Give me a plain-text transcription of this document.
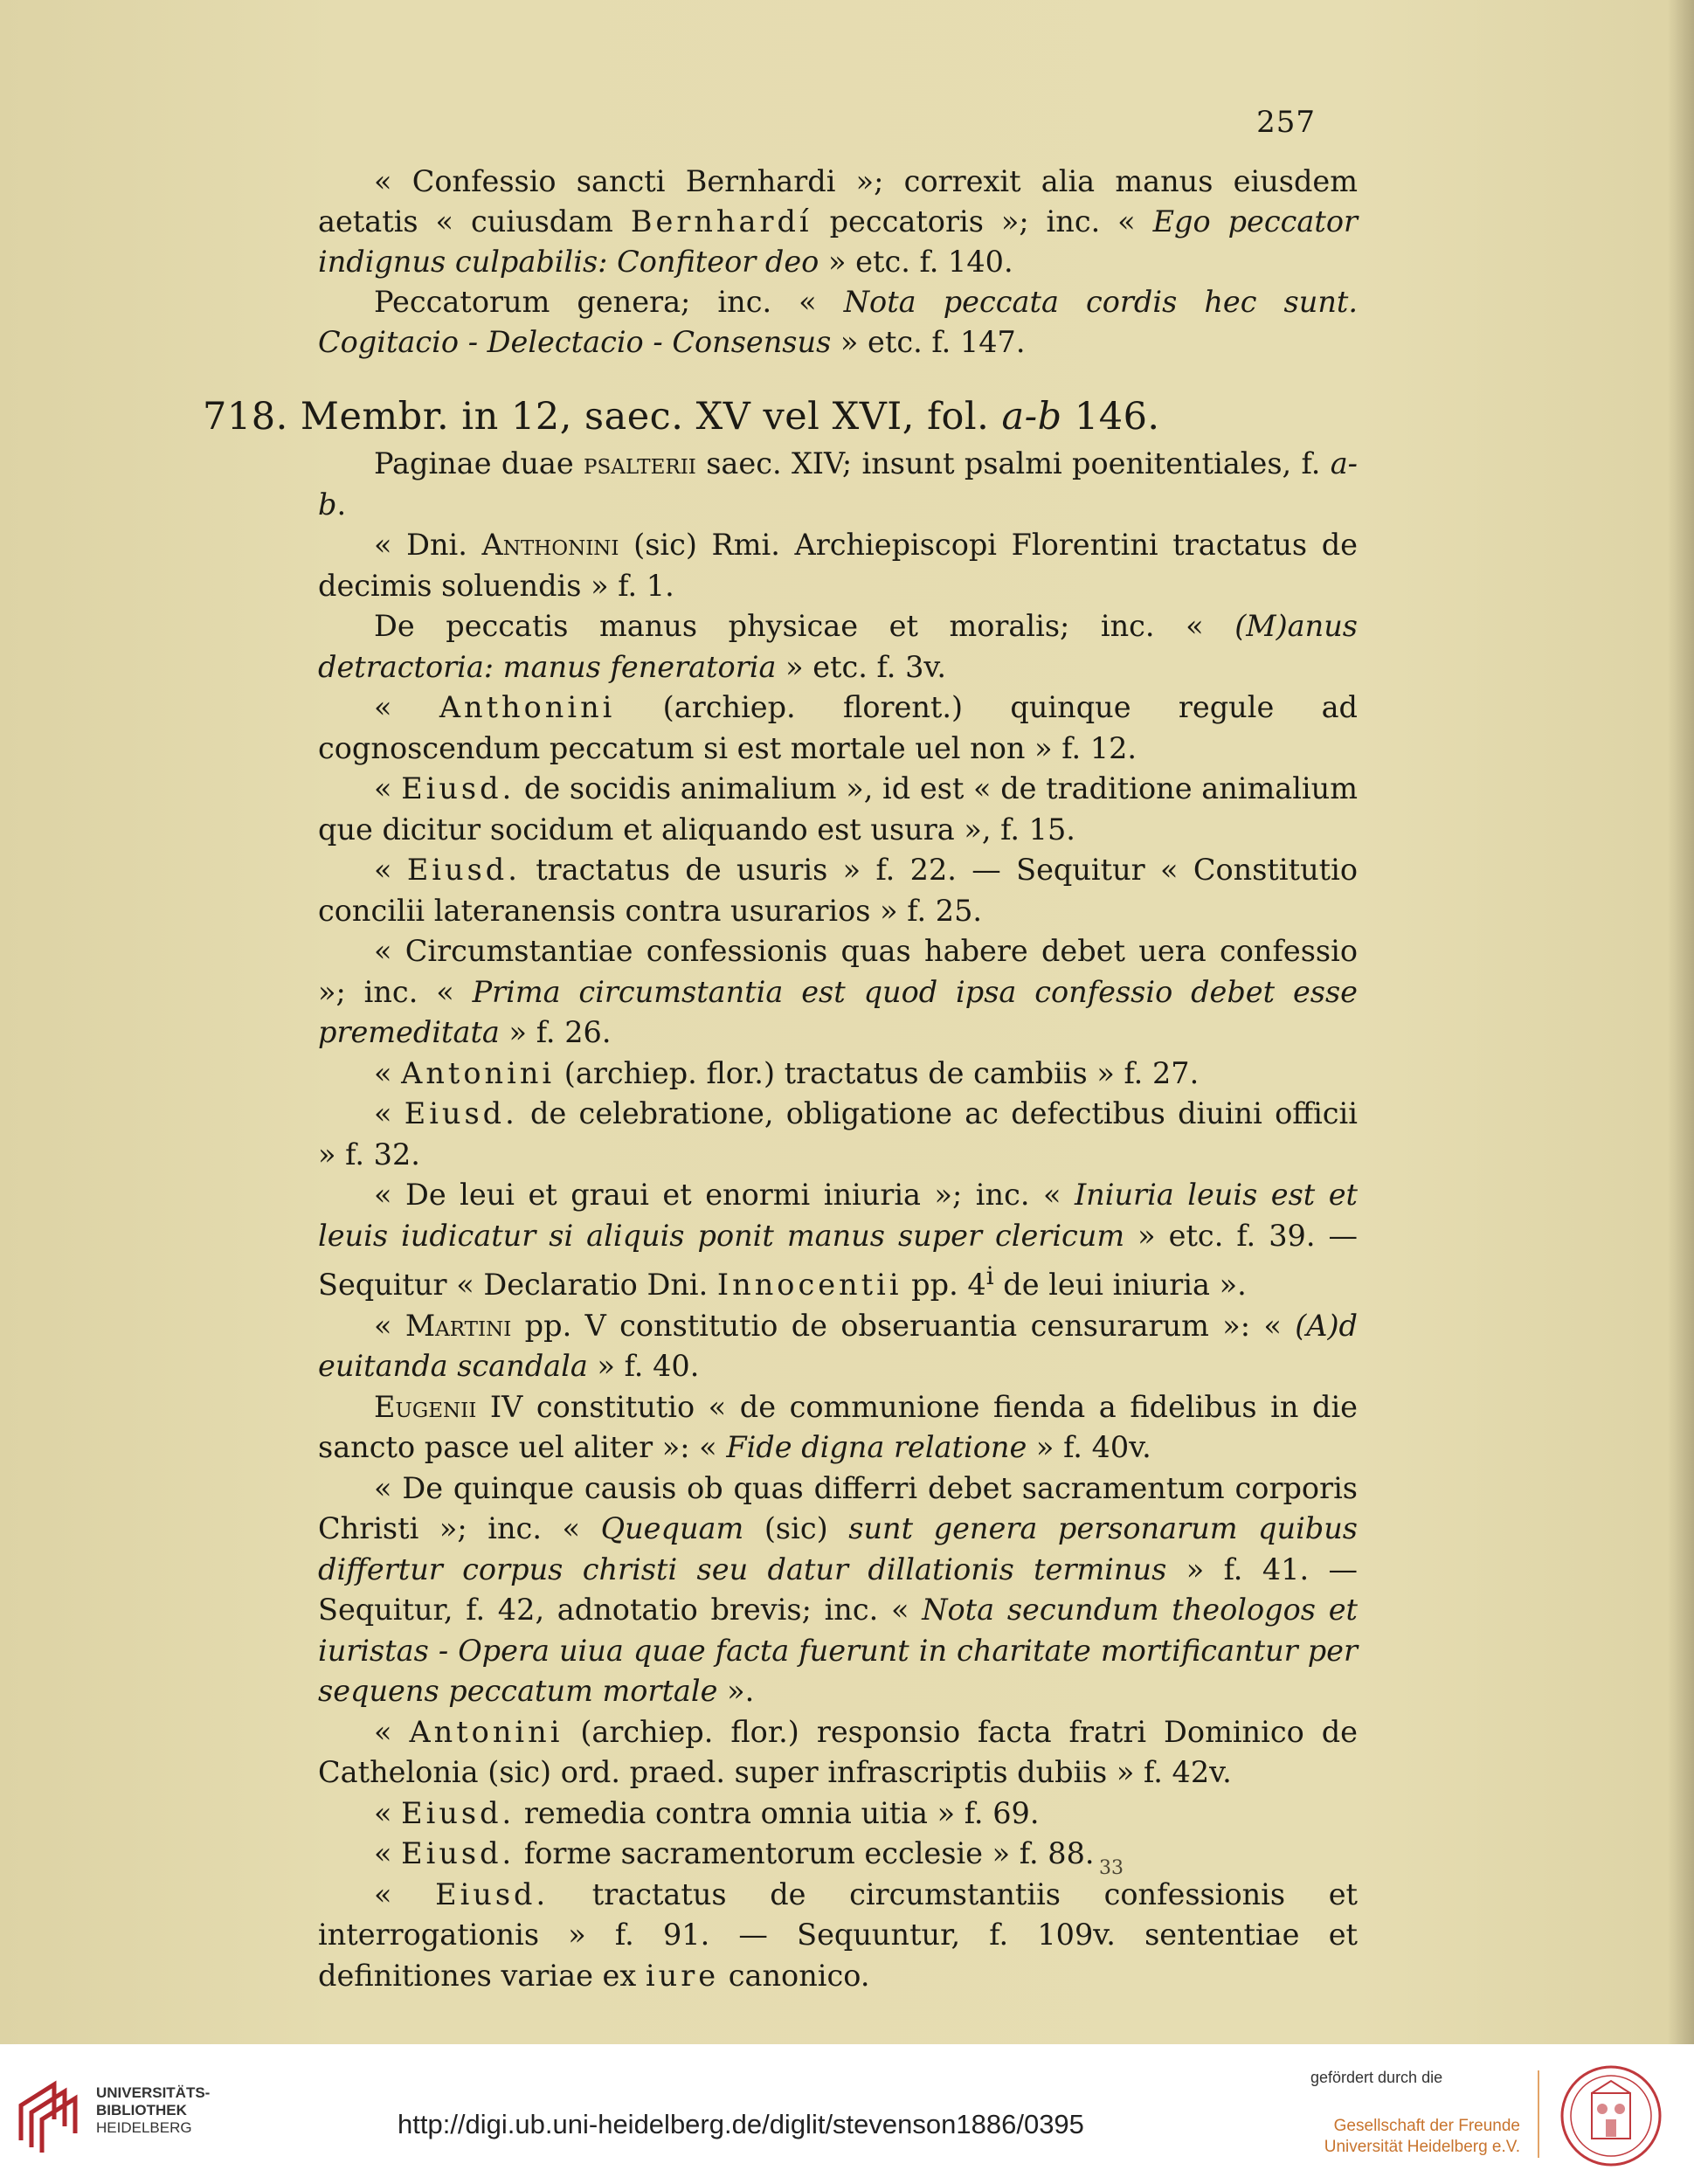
257

« Confessio sancti Bernhardi »; correxit alia manus eiusdem aetatis « cuiusdam Bernhardí peccatoris »; inc. « Ego peccator indignus culpabilis: Confiteor deo » etc. f. 140.

Peccatorum genera; inc. « Nota peccata cordis hec sunt. Cogitacio - Delectacio - Consensus » etc. f. 147.

718. Membr. in 12, saec. XV vel XVI, fol. a-b 146.

Paginae duae psalterii saec. XIV; insunt psalmi poenitentiales, f. a-b.

« Dni. Anthonini (sic) Rmi. Archiepiscopi Florentini tractatus de decimis soluendis » f. 1.

De peccatis manus physicae et moralis; inc. « (M)anus detractoria: manus feneratoria » etc. f. 3v.

« Anthonini (archiep. florent.) quinque regule ad cognoscendum peccatum si est mortale uel non » f. 12.

« Eiusd. de socidis animalium », id est « de traditione animalium que dicitur socidum et aliquando est usura », f. 15.

« Eiusd. tractatus de usuris » f. 22. — Sequitur « Constitutio concilii lateranensis contra usurarios » f. 25.

« Circumstantiae confessionis quas habere debet uera confessio »; inc. « Prima circumstantia est quod ipsa confessio debet esse premeditata » f. 26.

« Antonini (archiep. flor.) tractatus de cambiis » f. 27.

« Eiusd. de celebratione, obligatione ac defectibus diuini officii » f. 32.

« De leui et graui et enormi iniuria »; inc. « Iniuria leuis est et leuis iudicatur si aliquis ponit manus super clericum » etc. f. 39. — Sequitur « Declaratio Dni. Innocentii pp. 4$^i$ de leui iniuria ».

« Martini pp. V constitutio de obseruantia censurarum »: « (A)d euitanda scandala » f. 40.

Eugenii IV constitutio « de communione fienda a fidelibus in die sancto pasce uel aliter »: « Fide digna relatione » f. 40v.

« De quinque causis ob quas differri debet sacramentum corporis Christi »; inc. « Quequam (sic) sunt genera personarum quibus differtur corpus christi seu datur dillationis terminus » f. 41. — Sequitur, f. 42, adnotatio brevis; inc. « Nota secundum theologos et iuristas - Opera uiua quae facta fuerunt in charitate mortificantur per sequens peccatum mortale ».

« Antonini (archiep. flor.) responsio facta fratri Dominico de Cathelonia (sic) ord. praed. super infrascriptis dubiis » f. 42v.

« Eiusd. remedia contra omnia uitia » f. 69.

« Eiusd. forme sacramentorum ecclesie » f. 88.

« Eiusd. tractatus de circumstantiis confessionis et interrogationis » f. 91. — Sequuntur, f. 109v. sententiae et definitiones variae ex iure canonico.

33
UNIVERSITÄTS-
BIBLIOTHEK
HEIDELBERG	http://digi.ub.uni-heidelberg.de/diglit/stevenson1886/0395
gefördert durch die
Gesellschaft der Freunde
Universität Heidelberg e.V.
